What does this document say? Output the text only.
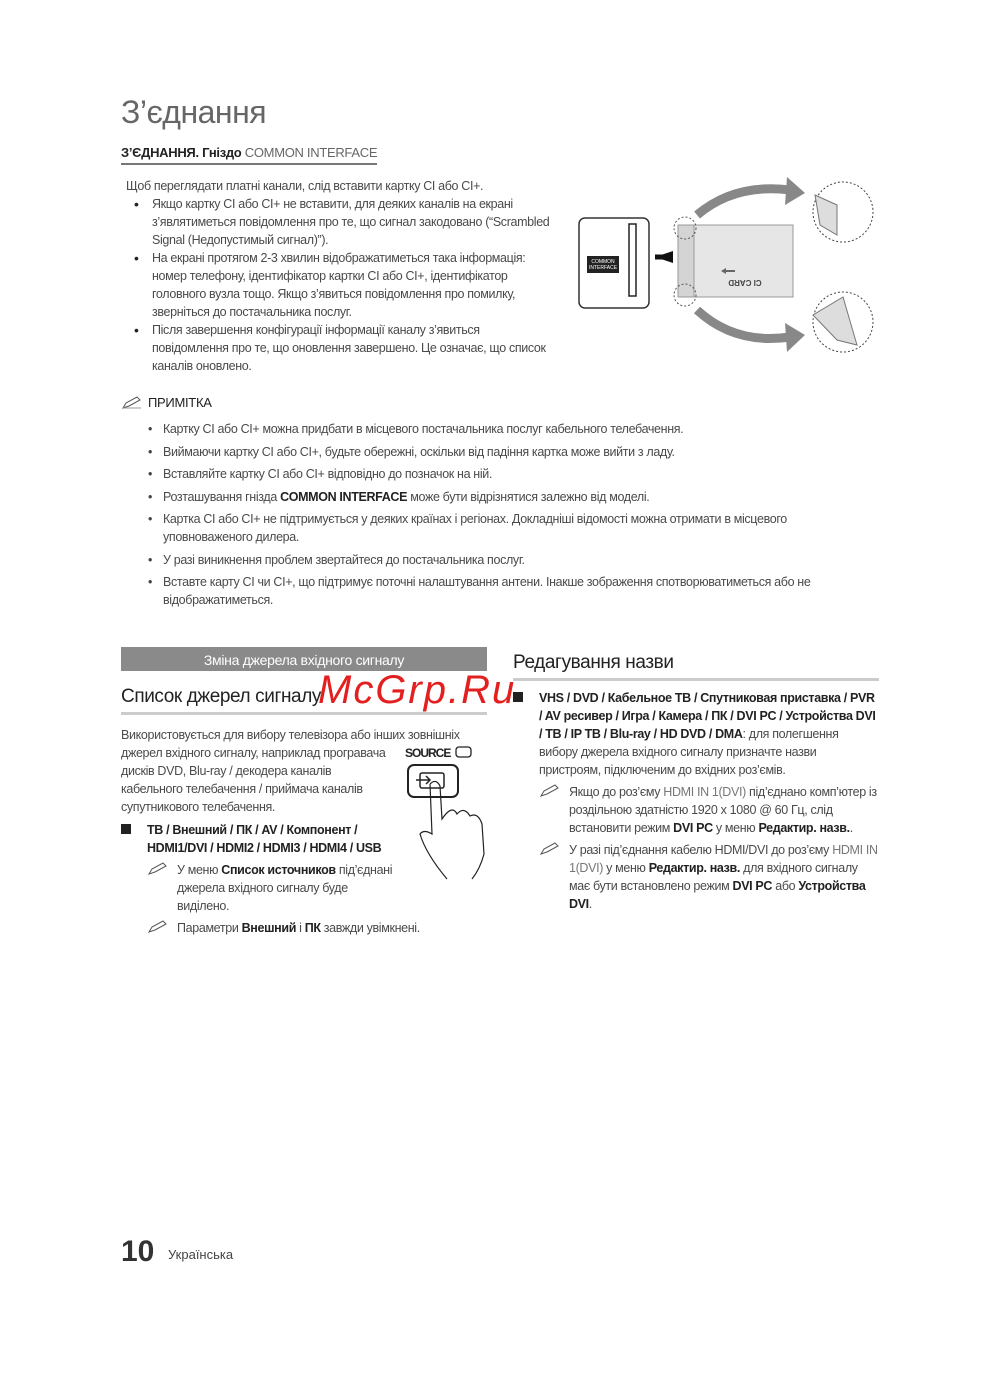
З’єднання
З’ЄДНАННЯ. Гніздо COMMON INTERFACE
Щоб переглядати платні канали, слід вставити картку CI або CI+.
• Якщо картку CI або CI+ не вставити, для деяких каналів на екрані з’являтиметься повідомлення про те, що сигнал закодовано (“Scrambled Signal (Недопустимый сигнал)”).
• На екрані протягом 2-3 хвилин відображатиметься така інформація: номер телефону, ідентифікатор картки CI або CI+, ідентифікатор головного вузла тощо. Якщо з’явиться повідомлення про помилку, зверніться до постачальника послуг.
• Після завершення конфігурації інформації каналу з’явиться повідомлення про те, що оновлення завершено. Це означає, що список каналів оновлено.
COMMON
INTERFACE
CI CARD
ПРИМІТКА
• Картку CI або CI+ можна придбати в місцевого постачальника послуг кабельного телебачення.
• Виймаючи картку CI або CI+, будьте обережні, оскільки від падіння картка може вийти з ладу.
• Вставляйте картку CI або CI+ відповідно до позначок на ній.
• Розташування гнізда COMMON INTERFACE може бути відрізнятися залежно від моделі.
• Картка CI або CI+ не підтримується у деяких країнах і регіонах. Докладніші відомості можна отримати в місцевого уповноваженого дилера.
• У разі виникнення проблем звертайтеся до постачальника послуг.
• Вставте карту CI чи CI+, що підтримує поточні налаштування антени. Інакше зображення спотворюватиметься або не відображатиметься.
Зміна джерела вхідного сигналу
Список джерел сигналу
SOURCE
Використовується для вибору телевізора або інших зовнішніх джерел вхідного сигналу, наприклад програвача дисків DVD, Blu-ray / декодера каналів кабельного телебачення / приймача каналів супутникового телебачення.
ТВ / Внешний / ПК / AV / Компонент / HDMI1/DVI / HDMI2 / HDMI3 / HDMI4 / USB
У меню Список источников під’єднані джерела вхідного сигналу буде виділено.
Параметри Внешний і ПК завжди увімкнені.
Редагування назви
VHS / DVD / Кабельное ТВ / Спутниковая приставка / PVR / AV ресивер / Игра / Камера / ПК / DVI PC / Устройства DVI / ТВ / IP ТВ / Blu-ray / HD DVD / DMA: для полегшення вибору джерела вхідного сигналу призначте назви пристроям, підключеним до вхідних роз’ємів.
Якщо до роз’єму HDMI IN 1(DVI) під’єднано комп’ютер із роздільною здатністю 1920 x 1080 @ 60 Гц, слід встановити режим DVI PC у меню Редактир. назв..
У разі під’єднання кабелю HDMI/DVI до роз’єму HDMI IN 1(DVI) у меню Редактир. назв. для вхідного сигналу має бути встановлено режим DVI PC або Устройства DVI.
McGrp.Ru
10 Українська
